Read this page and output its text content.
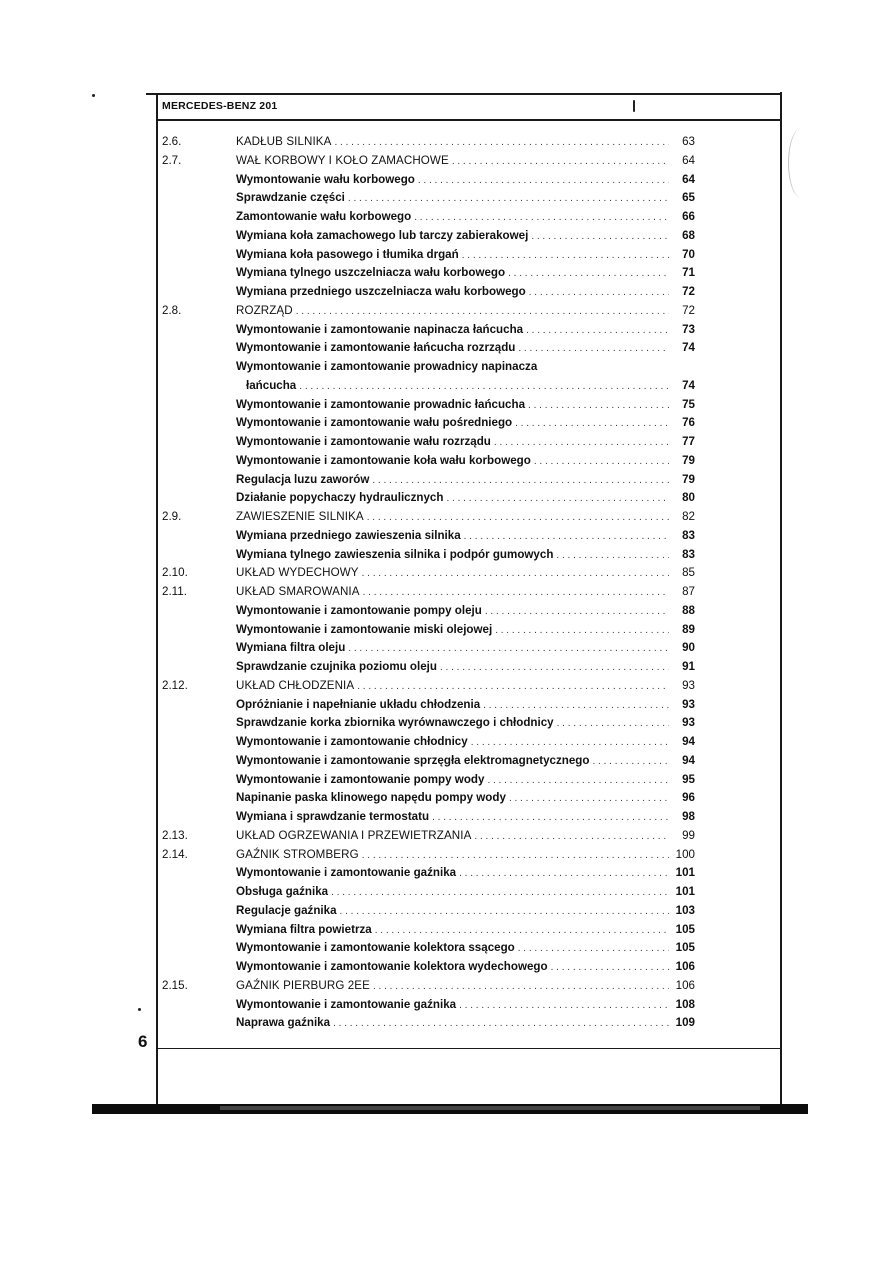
MERCEDES-BENZ 201
6
2.6.	KADŁUB SILNIKA . . .	63
2.7.	WAŁ KORBOWY I KOŁO ZAMACHOWE . . .	64
Wymontowanie wału korbowego . . .	64
Sprawdzanie części . . .	65
Zamontowanie wału korbowego . . .	66
Wymiana koła zamachowego lub tarczy zabierakowej . . .	68
Wymiana koła pasowego i tłumika drgań . . .	70
Wymiana tylnego uszczelniacza wału korbowego . . .	71
Wymiana przedniego uszczelniacza wału korbowego . . .	72
2.8.	ROZRZĄD . . .	72
Wymontowanie i zamontowanie napinacza łańcucha . . .	73
Wymontowanie i zamontowanie łańcucha rozrządu . . .	74
Wymontowanie i zamontowanie prowadnicy napinacza
łańcucha . . .	74
Wymontowanie i zamontowanie prowadnic łańcucha . . .	75
Wymontowanie i zamontowanie wału pośredniego . . .	76
Wymontowanie i zamontowanie wału rozrządu . . .	77
Wymontowanie i zamontowanie koła wału korbowego . . .	79
Regulacja luzu zaworów . . .	79
Działanie popychaczy hydraulicznych . . .	80
2.9.	ZAWIESZENIE SILNIKA . . .	82
Wymiana przedniego zawieszenia silnika . . .	83
Wymiana tylnego zawieszenia silnika i podpór gumowych . . .	83
2.10.	UKŁAD WYDECHOWY . . .	85
2.11.	UKŁAD SMAROWANIA . . .	87
Wymontowanie i zamontowanie pompy oleju . . .	88
Wymontowanie i zamontowanie miski olejowej . . .	89
Wymiana filtra oleju . . .	90
Sprawdzanie czujnika poziomu oleju . . .	91
2.12.	UKŁAD CHŁODZENIA . . .	93
Opróżnianie i napełnianie układu chłodzenia . . .	93
Sprawdzanie korka zbiornika wyrównawczego i chłodnicy . . .	93
Wymontowanie i zamontowanie chłodnicy . . .	94
Wymontowanie i zamontowanie sprzęgła elektromagnetycznego . . .	94
Wymontowanie i zamontowanie pompy wody . . .	95
Napinanie paska klinowego napędu pompy wody . . .	96
Wymiana i sprawdzanie termostatu . . .	98
2.13.	UKŁAD OGRZEWANIA I PRZEWIETRZANIA . . .	99
2.14.	GAŹNIK STROMBERG . . .	100
Wymontowanie i zamontowanie gaźnika . . .	101
Obsługa gaźnika . . .	101
Regulacje gaźnika . . .	103
Wymiana filtra powietrza . . .	105
Wymontowanie i zamontowanie kolektora ssącego . . .	105
Wymontowanie i zamontowanie kolektora wydechowego . . .	106
2.15.	GAŹNIK PIERBURG 2EE . . .	106
Wymontowanie i zamontowanie gaźnika . . .	108
Naprawa gaźnika . . .	109
